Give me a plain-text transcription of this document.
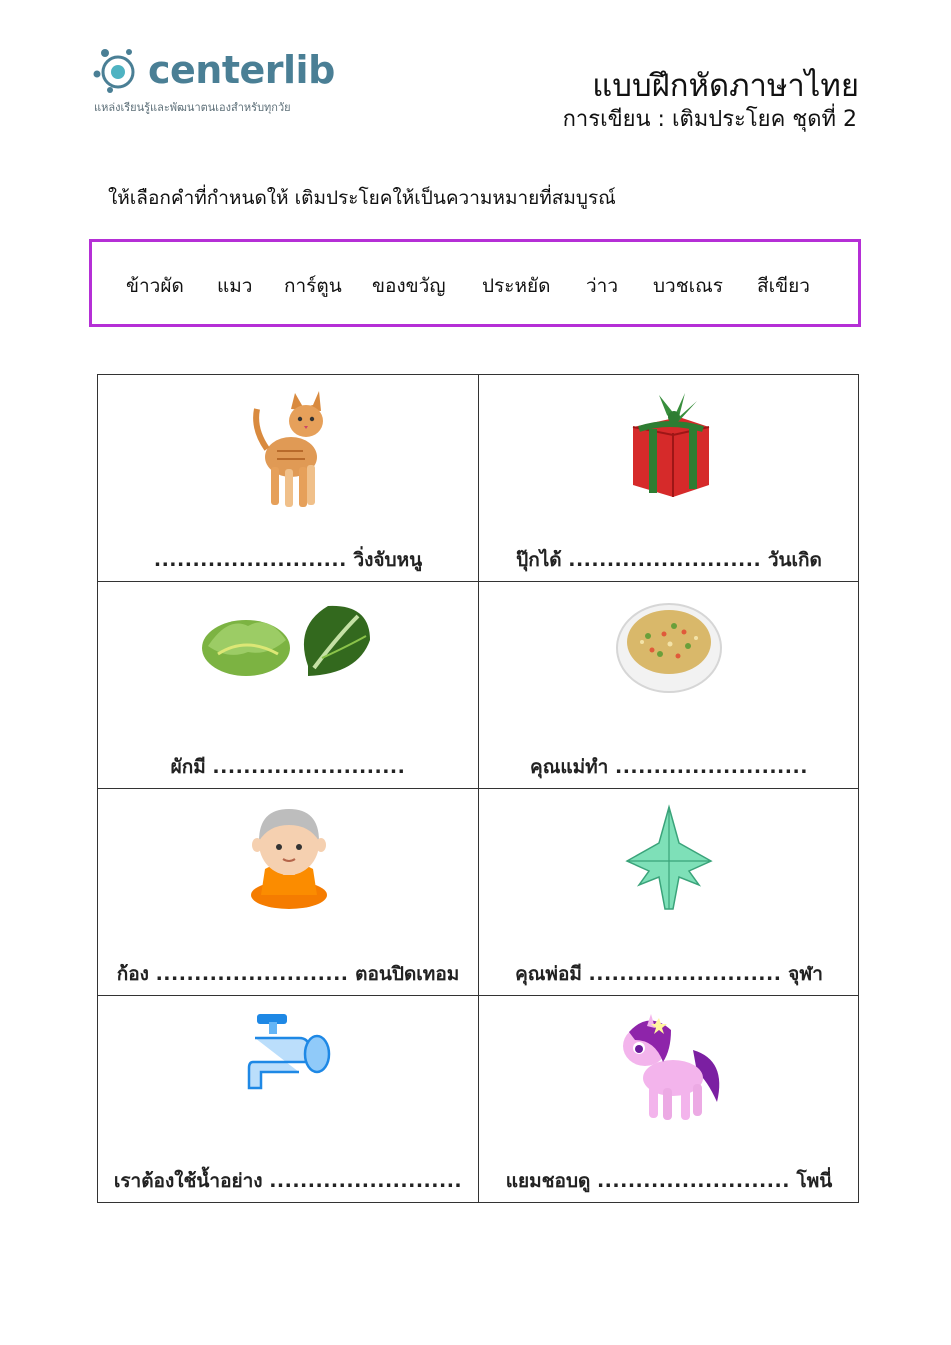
centerlib
แหล่งเรียนรู้และพัฒนาตนเองสำหรับทุกวัย
แบบฝึกหัดภาษาไทย
การเขียน : เติมประโยค ชุดที่ 2
ให้เลือกคำที่กำหนดให้ เติมประโยคให้เป็นความหมายที่สมบูรณ์
ข้าวผัด แมว การ์ตูน ของขวัญ ประหยัด ว่าว บวชเณร สีเขียว
......................... วิ่งจับหนู	ปุ๊กได้ ......................... วันเกิด
ผักมี .........................	คุณแม่ทำ .........................
ก้อง ......................... ตอนปิดเทอม	คุณพ่อมี ......................... จุฬา
เราต้องใช้น้ำอย่าง .........................	แยมชอบดู ......................... โพนี่
